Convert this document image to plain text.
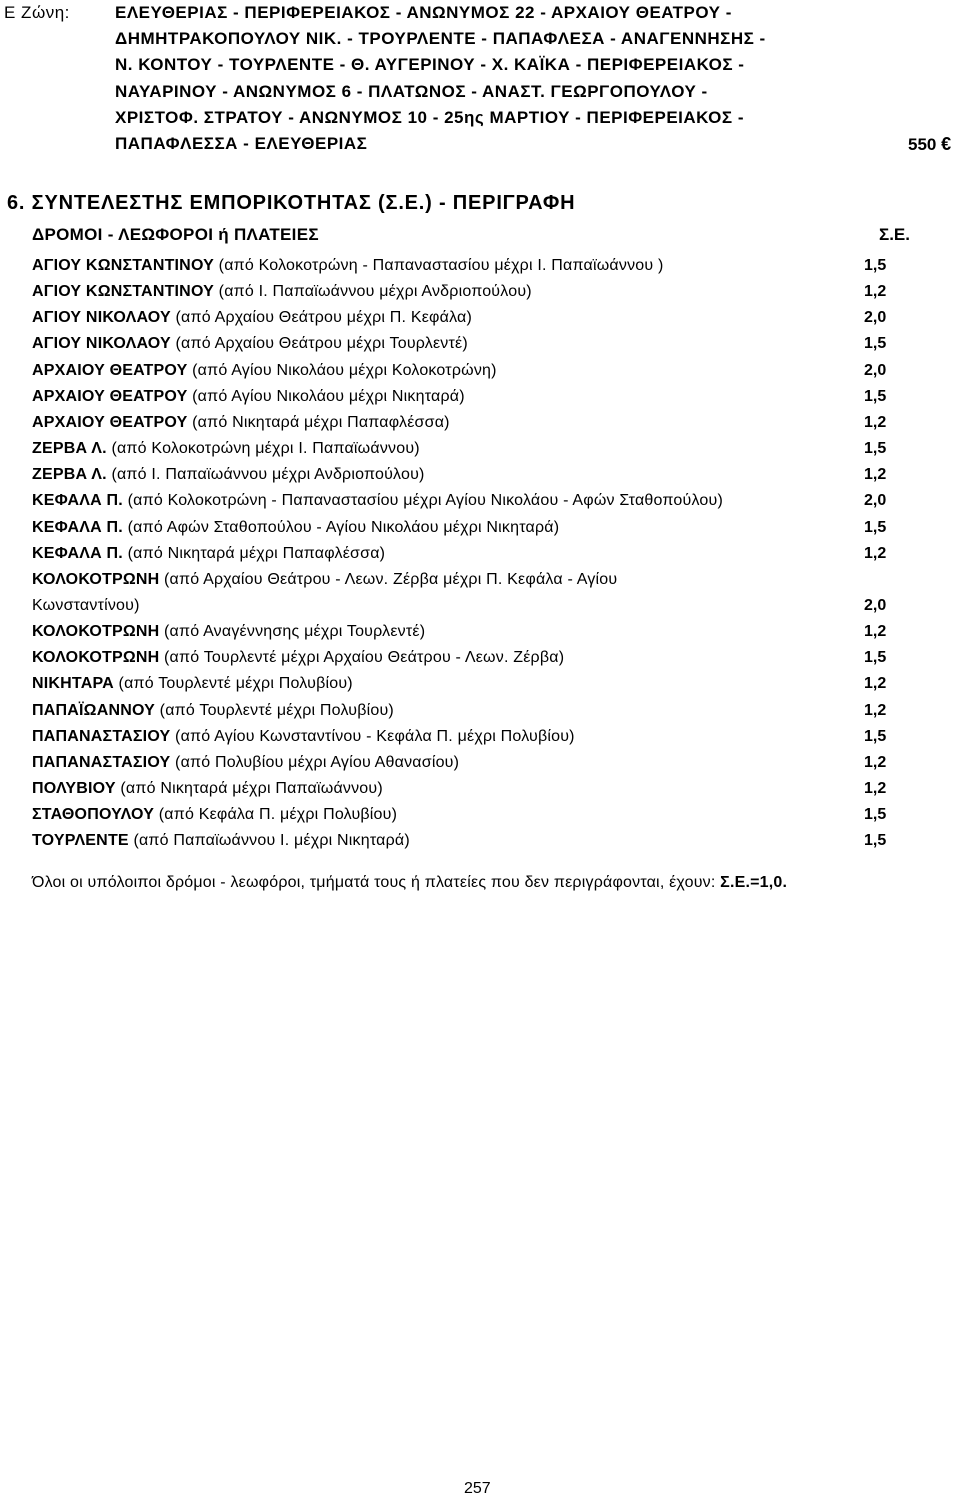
Ε Ζώνη:	ΕΛΕΥΘΕΡΙΑΣ - ΠΕΡΙΦΕΡΕΙΑΚΟΣ - ΑΝΩΝΥΜΟΣ 22 - ΑΡΧΑΙΟΥ ΘΕΑΤΡΟΥ -
ΔΗΜΗΤΡΑΚΟΠΟΥΛΟΥ ΝΙΚ. - ΤΡΟΥΡΛΕΝΤΕ - ΠΑΠΑΦΛΕΣΑ - ΑΝΑΓΕΝΝΗΣΗΣ -
Ν. ΚΟΝΤΟΥ - ΤΟΥΡΛΕΝΤΕ - Θ. ΑΥΓΕΡΙΝΟΥ - Χ. ΚΑΪΚΑ - ΠΕΡΙΦΕΡΕΙΑΚΟΣ -
ΝΑΥΑΡΙΝΟΥ - ΑΝΩΝΥΜΟΣ 6 - ΠΛΑΤΩΝΟΣ - ΑΝΑΣΤ. ΓΕΩΡΓΟΠΟΥΛΟΥ -
ΧΡΙΣΤΟΦ. ΣΤΡΑΤΟΥ - ΑΝΩΝΥΜΟΣ 10 - 25ης ΜΑΡΤΙΟΥ - ΠΕΡΙΦΕΡΕΙΑΚΟΣ -
ΠΑΠΑΦΛΕΣΣΑ - ΕΛΕΥΘΕΡΙΑΣ	550 €
6. ΣΥΝΤΕΛΕΣΤΗΣ ΕΜΠΟΡΙΚΟΤΗΤΑΣ (Σ.Ε.) - ΠΕΡΙΓΡΑΦΗ
ΔΡΟΜΟΙ - ΛΕΩΦΟΡΟΙ ή ΠΛΑΤΕΙΕΣ	Σ.Ε.
ΑΓΙΟΥ ΚΩΝΣΤΑΝΤΙΝΟΥ (από Κολοκοτρώνη - Παπαναστασίου μέχρι Ι. Παπαϊωάννου )	1,5
ΑΓΙΟΥ ΚΩΝΣΤΑΝΤΙΝΟΥ (από Ι. Παπαϊωάννου μέχρι Ανδριοπούλου)	1,2
ΑΓΙΟΥ ΝΙΚΟΛΑΟΥ (από Αρχαίου Θεάτρου μέχρι Π. Κεφάλα)	2,0
ΑΓΙΟΥ ΝΙΚΟΛΑΟΥ (από Αρχαίου Θεάτρου μέχρι Τουρλεντέ)	1,5
ΑΡΧΑΙΟΥ ΘΕΑΤΡΟΥ (από Αγίου Νικολάου μέχρι Κολοκοτρώνη)	2,0
ΑΡΧΑΙΟΥ ΘΕΑΤΡΟΥ (από Αγίου Νικολάου μέχρι Νικηταρά)	1,5
ΑΡΧΑΙΟΥ ΘΕΑΤΡΟΥ (από Νικηταρά μέχρι Παπαφλέσσα)	1,2
ΖΕΡΒΑ Λ. (από Κολοκοτρώνη μέχρι Ι. Παπαϊωάννου)	1,5
ΖΕΡΒΑ Λ. (από Ι. Παπαϊωάννου μέχρι Ανδριοπούλου)	1,2
ΚΕΦΑΛΑ Π. (από Κολοκοτρώνη - Παπαναστασίου μέχρι Αγίου Νικολάου - Αφών Σταθοπούλου)	2,0
ΚΕΦΑΛΑ Π. (από Αφών Σταθοπούλου - Αγίου Νικολάου μέχρι Νικηταρά)	1,5
ΚΕΦΑΛΑ Π. (από Νικηταρά μέχρι Παπαφλέσσα)	1,2
ΚΟΛΟΚΟΤΡΩΝΗ (από Αρχαίου Θεάτρου - Λεων. Ζέρβα μέχρι Π. Κεφάλα - Αγίου
Κωνσταντίνου)	2,0
ΚΟΛΟΚΟΤΡΩΝΗ (από Αναγέννησης μέχρι Τουρλεντέ)	1,2
ΚΟΛΟΚΟΤΡΩΝΗ (από Τουρλεντέ μέχρι Αρχαίου Θεάτρου - Λεων. Ζέρβα)	1,5
ΝΙΚΗΤΑΡΑ (από Τουρλεντέ μέχρι Πολυβίου)	1,2
ΠΑΠΑΪΩΑΝΝΟΥ (από Τουρλεντέ μέχρι Πολυβίου)	1,2
ΠΑΠΑΝΑΣΤΑΣΙΟΥ (από Αγίου Κωνσταντίνου - Κεφάλα Π. μέχρι Πολυβίου)	1,5
ΠΑΠΑΝΑΣΤΑΣΙΟΥ (από Πολυβίου μέχρι Αγίου Αθανασίου)	1,2
ΠΟΛΥΒΙΟΥ (από Νικηταρά μέχρι Παπαϊωάννου)	1,2
ΣΤΑΘΟΠΟΥΛΟΥ (από Κεφάλα Π. μέχρι Πολυβίου)	1,5
ΤΟΥΡΛΕΝΤΕ (από Παπαϊωάννου Ι. μέχρι Νικηταρά)	1,5
Όλοι οι υπόλοιποι δρόμοι - λεωφόροι, τμήματά τους ή πλατείες που δεν περιγράφονται, έχουν: Σ.Ε.=1,0.
257
